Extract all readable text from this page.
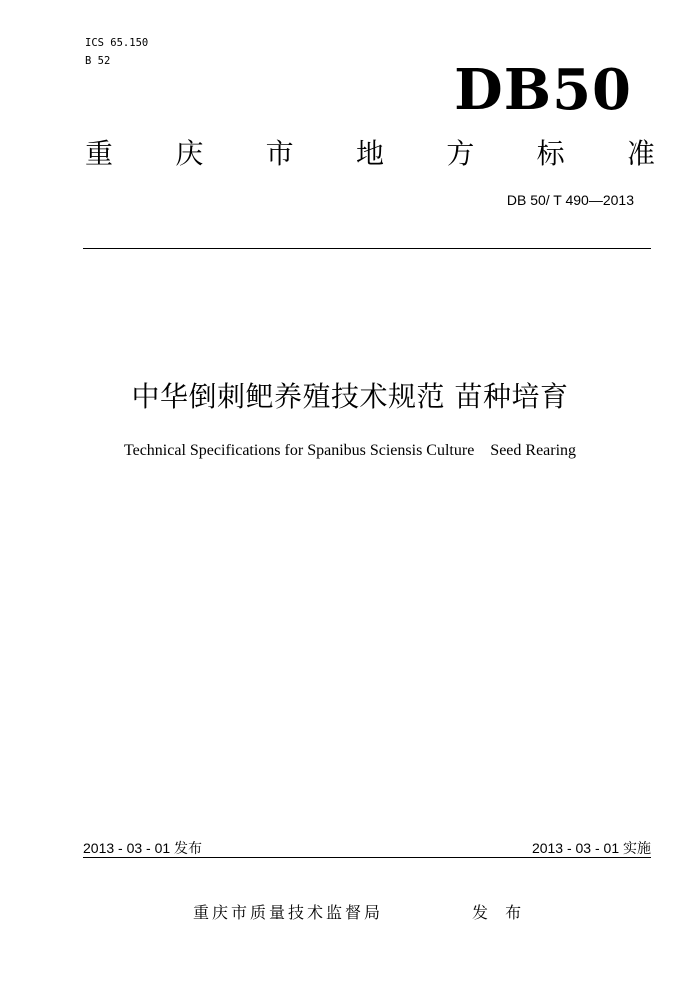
ICS 65.150
B 52	DB50
重 庆 市 地 方 标 准
DB 50/ T 490—2013
中华倒刺鲃养殖技术规范 苗种培育
Technical Specifications for Spanibus Sciensis Culture    Seed Rearing
2013 - 03 - 01 发布	2013 - 03 - 01 实施
重庆市质量技术监督局	发 布
